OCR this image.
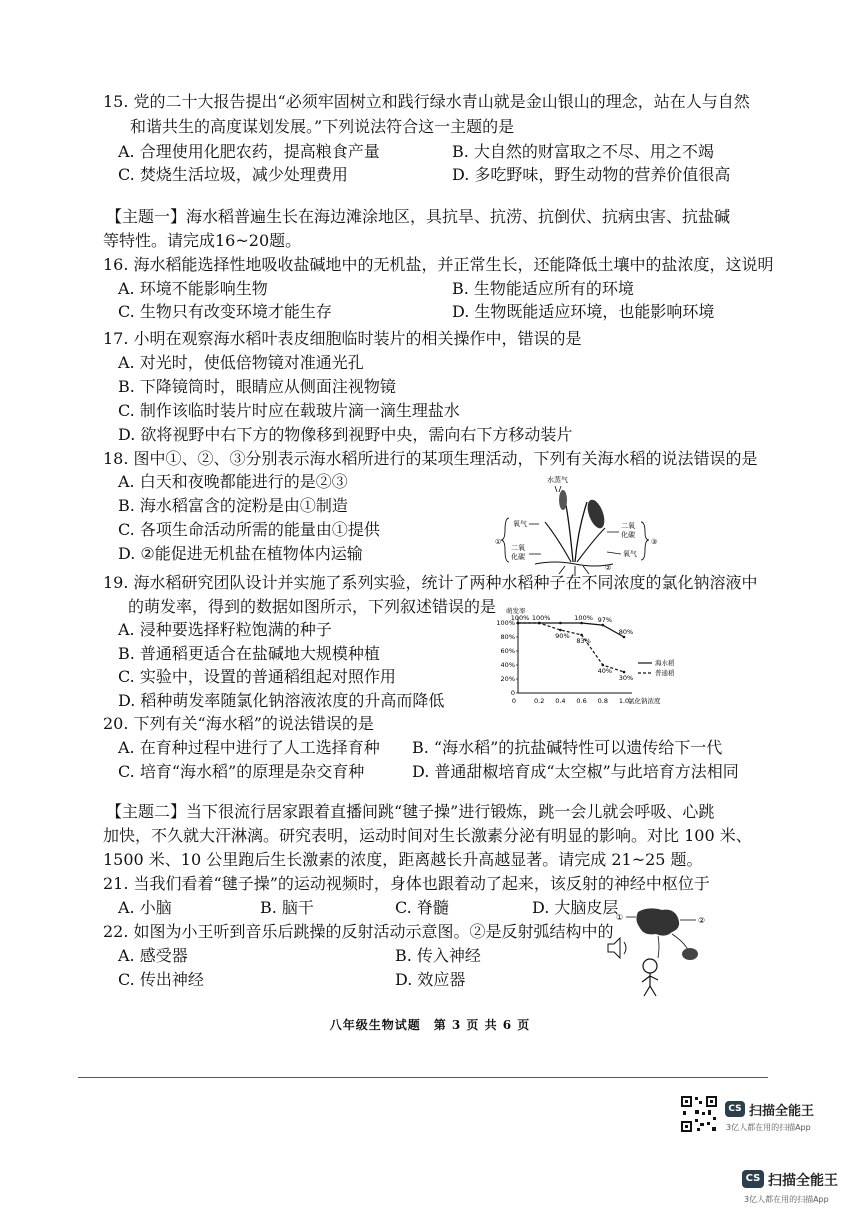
15. 党的二十大报告提出“必须牢固树立和践行绿水青山就是金山银山的理念，站在人与自然
和谐共生的高度谋划发展。”下列说法符合这一主题的是
A. 合理使用化肥农药，提高粮食产量	B. 大自然的财富取之不尽、用之不竭
C. 焚烧生活垃圾，减少处理费用	D. 多吃野味，野生动物的营养价值很高
【主题一】海水稻普遍生长在海边滩涂地区，具抗旱、抗涝、抗倒伏、抗病虫害、抗盐碱
等特性。请完成16~20题。
16. 海水稻能选择性地吸收盐碱地中的无机盐，并正常生长，还能降低土壤中的盐浓度，这说明
A. 环境不能影响生物	B. 生物能适应所有的环境
C. 生物只有改变环境才能生存	D. 生物既能适应环境，也能影响环境
17. 小明在观察海水稻叶表皮细胞临时装片的相关操作中，错误的是
A. 对光时，使低倍物镜对准通光孔
B. 下降镜筒时，眼睛应从侧面注视物镜
C. 制作该临时装片时应在载玻片滴一滴生理盐水
D. 欲将视野中右下方的物像移到视野中央，需向右下方移动装片
18. 图中①、②、③分别表示海水稻所进行的某项生理活动，下列有关海水稻的说法错误的是
A. 白天和夜晚都能进行的是②③
B. 海水稻富含的淀粉是由①制造
C. 各项生命活动所需的能量由①提供
D. ②能促进无机盐在植物体内运输
水蒸气
①
氧气
二氧
化碳
二氧
化碳
氧气
③
②
19. 海水稻研究团队设计并实施了系列实验，统计了两种水稻种子在不同浓度的氯化钠溶液中
的萌发率，得到的数据如图所示，下列叙述错误的是
A. 浸种要选择籽粒饱满的种子
B. 普通稻更适合在盐碱地大规模种植
C. 实验中，设置的普通稻组起对照作用
D. 稻种萌发率随氯化钠溶液浓度的升高而降低
萌发率
氯化钠浓度
0
20%
40%
60%
80%
100%
0.2 0.4 0.6 0.8 1.0
0
100% 100%	100% 97%
80%
海水稻
90%
83%
40%
30%
普通稻
20. 下列有关“海水稻”的说法错误的是
A. 在育种过程中进行了人工选择育种 B. “海水稻”的抗盐碱特性可以遗传给下一代
C. 培育“海水稻”的原理是杂交育种	D. 普通甜椒培育成“太空椒”与此培育方法相同
【主题二】当下很流行居家跟着直播间跳“毽子操”进行锻炼，跳一会儿就会呼吸、心跳
加快，不久就大汗淋漓。研究表明，运动时间对生长激素分泌有明显的影响。对比 100 米、
1500 米、10 公里跑后生长激素的浓度，距离越长升高越显著。请完成 21~25 题。
21. 当我们看着“毽子操”的运动视频时，身体也跟着动了起来，该反射的神经中枢位于
A. 小脑	B. 脑干	C. 脊髓	D. 大脑皮层
22. 如图为小王听到音乐后跳操的反射活动示意图。②是反射弧结构中的
A. 感受器	B. 传入神经
C. 传出神经	D. 效应器
①	②
八年级生物试题　第 3 页 共 6 页
CS 扫描全能王
3亿人都在用的扫描App
CS 扫描全能王
3亿人都在用的扫描App
